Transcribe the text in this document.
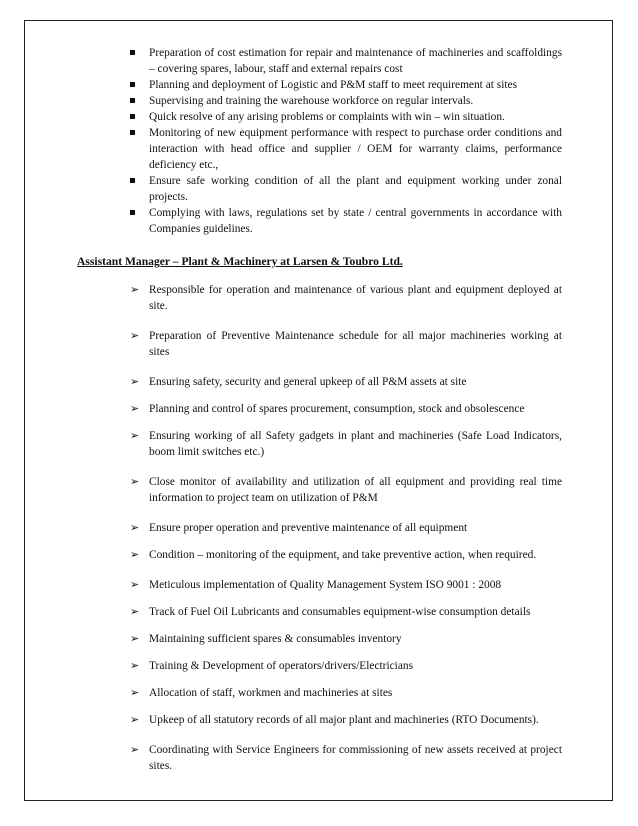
Preparation of cost estimation for repair and maintenance of machineries and scaffoldings – covering spares, labour, staff and external repairs cost
Planning and deployment of Logistic and P&M staff to meet requirement at sites
Supervising and training the warehouse workforce on regular intervals.
Quick resolve of any arising problems or complaints with win – win situation.
Monitoring of new equipment performance with respect to purchase order conditions and interaction with head office and supplier / OEM for warranty claims, performance deficiency etc.,
Ensure safe working condition of all the plant and equipment working under zonal projects.
Complying with laws, regulations set by state / central governments in accordance with Companies guidelines.
Assistant Manager – Plant & Machinery at Larsen & Toubro Ltd.
➢ Responsible for operation and maintenance of various plant and equipment deployed at site.
➢ Preparation of Preventive Maintenance schedule for all major machineries working at sites
➢ Ensuring safety, security and general upkeep of all P&M assets at site
➢ Planning and control of spares procurement, consumption, stock and obsolescence
➢ Ensuring working of all Safety gadgets in plant and machineries (Safe Load Indicators, boom limit switches etc.)
➢ Close monitor of availability and utilization of all equipment and providing real time information to project team on utilization of P&M
➢ Ensure proper operation and preventive maintenance of all equipment
➢ Condition – monitoring of the equipment, and take preventive action, when required.
➢ Meticulous implementation of Quality Management System ISO 9001 : 2008
➢ Track of Fuel Oil Lubricants and consumables equipment-wise consumption details
➢ Maintaining sufficient spares & consumables inventory
➢ Training & Development of operators/drivers/Electricians
➢ Allocation of staff, workmen and machineries at sites
➢ Upkeep of all statutory records of all major plant and machineries (RTO Documents).
➢ Coordinating with Service Engineers for commissioning of new assets received at project sites.
